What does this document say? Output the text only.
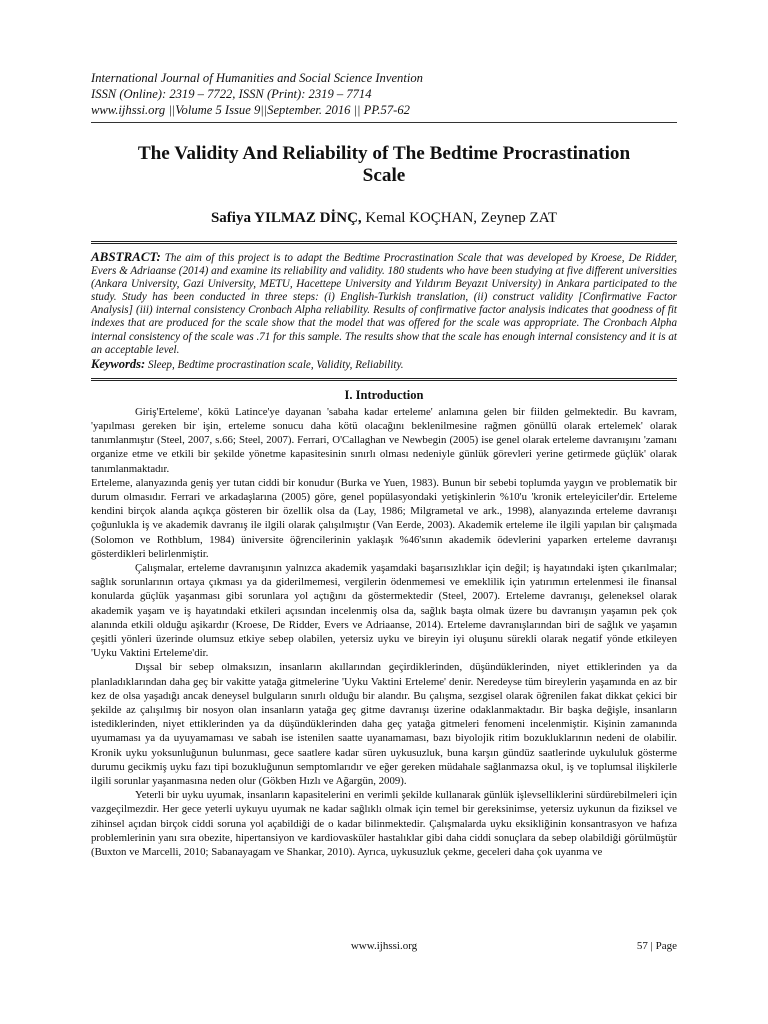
International Journal of Humanities and Social Science Invention
ISSN (Online): 2319 – 7722, ISSN (Print): 2319 – 7714
www.ijhssi.org ||Volume 5 Issue 9||September. 2016 || PP.57-62
The Validity And Reliability of The Bedtime Procrastination Scale
Safiya YILMAZ DİNÇ, Kemal KOÇHAN, Zeynep ZAT
ABSTRACT: The aim of this project is to adapt the Bedtime Procrastination Scale that was developed by Kroese, De Ridder, Evers & Adriaanse (2014) and examine its reliability and validity. 180 students who have been studying at five different universities (Ankara University, Gazi University, METU, Hacettepe University and Yıldırım Beyazıt University) in Ankara participated to the study. Study has been conducted in three steps: (i) English-Turkish translation, (ii) construct validity [Confirmative Factor Analysis] (iii) internal consistency Cronbach Alpha reliability. Results of confirmative factor analysis indicates that goodness of fit indexes that are produced for the scale show that the model that was offered for the scale was appropriate. The Cronbach Alpha internal consistency of the scale was .71 for this sample. The results show that the scale has enough internal consistency and it is at an acceptable level.
Keywords: Sleep, Bedtime procrastination scale, Validity, Reliability.
I. Introduction

Giriş'Erteleme', kökü Latince'ye dayanan 'sabaha kadar erteleme' anlamına gelen bir fiilden gelmektedir. Bu kavram, 'yapılması gereken bir işin, erteleme sonucu daha kötü olacağını beklenilmesine rağmen gönüllü olarak ertelemek' olarak tanımlanmıştır (Steel, 2007, s.66; Steel, 2007). Ferrari, O'Callaghan ve Newbegin (2005) ise genel olarak erteleme davranışını 'zamanı organize etme ve etkili bir şekilde yönetme kapasitesinin sınırlı olması nedeniyle günlük görevleri yerine getirmede güçlük' olarak tanımlanmaktadır.

Erteleme, alanyazında geniş yer tutan ciddi bir konudur (Burka ve Yuen, 1983). Bunun bir sebebi toplumda yaygın ve problematik bir durum olmasıdır. Ferrari ve arkadaşlarına (2005) göre, genel popülasyondaki yetişkinlerin %10'u 'kronik erteleyiciler'dir. Erteleme kendini birçok alanda açıkça gösteren bir özellik olsa da (Lay, 1986; Milgrametal ve ark., 1998), alanyazında erteleme davranışı çoğunlukla iş ve akademik davranış ile ilgili olarak çalışılmıştır (Van Eerde, 2003). Akademik erteleme ile ilgili yapılan bir çalışmada (Solomon ve Rothblum, 1984) üniversite öğrencilerinin yaklaşık %46'sının akademik ödevlerini yaparken erteleme davranışı gösterdikleri belirlenmiştir.

Çalışmalar, erteleme davranışının yalnızca akademik yaşamdaki başarısızlıklar için değil; iş hayatındaki işten çıkarılmalar; sağlık sorunlarının ortaya çıkması ya da giderilmemesi, vergilerin ödenmemesi ve emeklilik için yatırımın ertelenmesi ile finansal konularda güçlük yaşanması gibi sorunlara yol açtığını da göstermektedir (Steel, 2007). Erteleme davranışı, geleneksel olarak akademik yaşam ve iş hayatındaki etkileri açısından incelenmiş olsa da, sağlık başta olmak üzere bu davranışın yaşamın pek çok alanında etkili olduğu aşikardır (Kroese, De Ridder, Evers ve Adriaanse, 2014). Erteleme davranışlarından biri de sağlık ve yaşamın çeşitli yönleri üzerinde olumsuz etkiye sebep olabilen, yetersiz uyku ve bireyin iyi oluşunu sürekli olarak negatif yönde etkileyen 'Uyku Vaktini Erteleme'dir.

Dışsal bir sebep olmaksızın, insanların akıllarından geçirdiklerinden, düşündüklerinden, niyet ettiklerinden ya da planladıklarından daha geç bir vakitte yatağa gitmelerine 'Uyku Vaktini Erteleme' denir. Neredeyse tüm bireylerin yaşamında en az bir kez de olsa yaşadığı ancak deneysel bulguların sınırlı olduğu bir alandır. Bu çalışma, sezgisel olarak öğrenilen fakat dikkat çekici bir şekilde az çalışılmış bir nosyon olan insanların yatağa geç gitme davranışı üzerine odaklanmaktadır. Bir başka değişle, insanların istediklerinden, niyet ettiklerinden ya da düşündüklerinden daha geç yatağa gitmeleri fenomeni incelenmiştir. Kişinin zamanında uyumaması ya da uyuyamaması ve sabah ise istenilen saatte uyanamaması, bazı biyolojik ritim bozukluklarının nedeni de olabilir. Kronik uyku yoksunluğunun bulunması, gece saatlere kadar süren uykusuzluk, buna karşın gündüz saatlerinde uykululuk gösterme durumu gecikmiş uyku fazı tipi bozukluğunun semptomlarıdır ve eğer gereken müdahale sağlanmazsa okul, iş ve toplumsal ilişkilerle ilgili sorunlar yaşanmasına neden olur (Gökben Hızlı ve Ağargün, 2009).

Yeterli bir uyku uyumak, insanların kapasitelerini en verimli şekilde kullanarak günlük işlevselliklerini sürdürebilmeleri için vazgeçilmezdir. Her gece yeterli uykuyu uyumak ne kadar sağlıklı olmak için temel bir gereksinimse, yetersiz uykunun da fiziksel ve zihinsel açıdan birçok ciddi soruna yol açabildiği de o kadar bilinmektedir. Çalışmalarda uyku eksikliğinin konsantrasyon ve hafıza problemlerinin yanı sıra obezite, hipertansiyon ve kardiovasküler hastalıklar gibi daha ciddi sonuçlara da sebep olabildiği görülmüştür (Buxton ve Marcelli, 2010; Sabanayagam ve Shankar, 2010). Ayrıca, uykusuzluk çekme, geceleri daha çok uyanma ve

www.ijhssi.org	57 | Page
